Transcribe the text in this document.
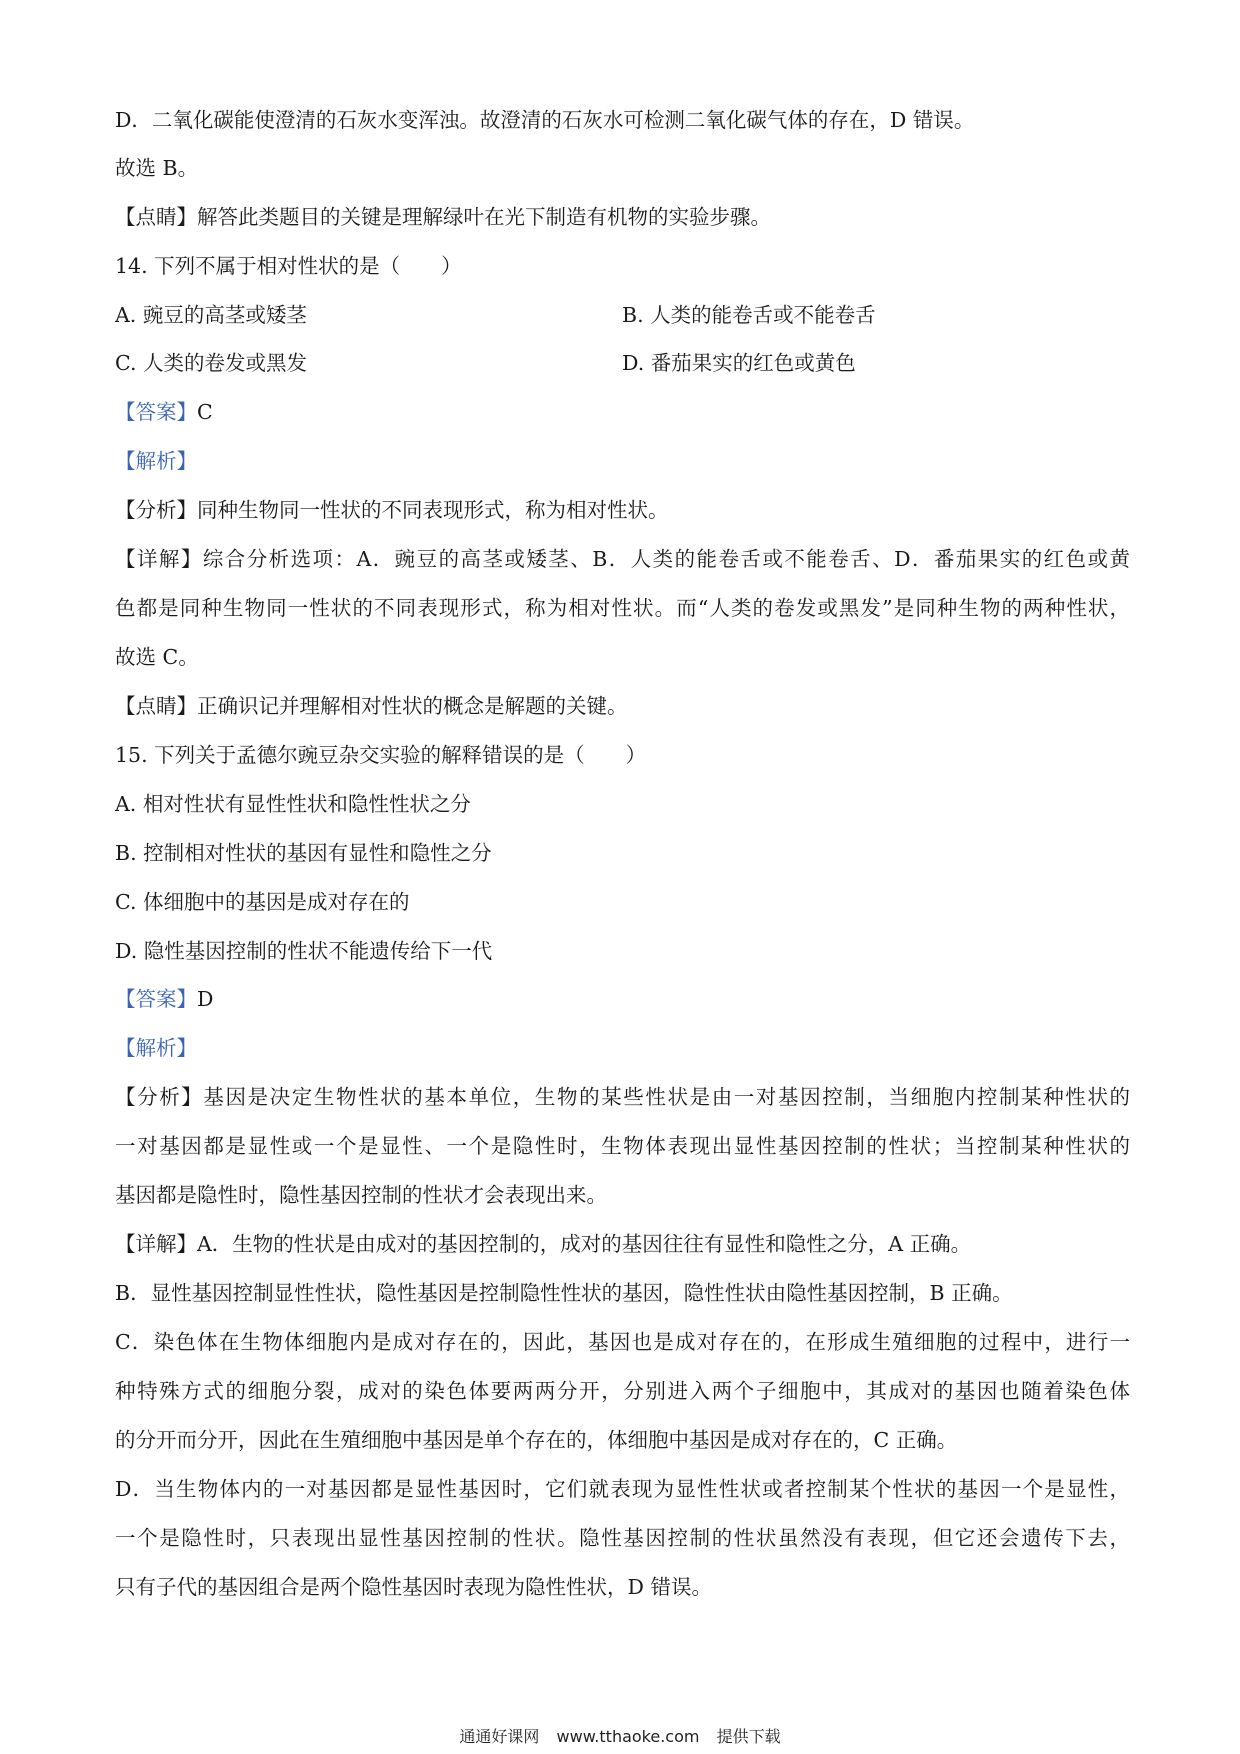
D．二氧化碳能使澄清的石灰水变浑浊。故澄清的石灰水可检测二氧化碳气体的存在，D 错误。
故选 B。
【点睛】解答此类题目的关键是理解绿叶在光下制造有机物的实验步骤。
14. 下列不属于相对性状的是（　　）
A. 豌豆的高茎或矮茎	B. 人类的能卷舌或不能卷舌
C. 人类的卷发或黑发	D. 番茄果实的红色或黄色
【答案】C
【解析】
【分析】同种生物同一性状的不同表现形式，称为相对性状。
【详解】综合分析选项：A．豌豆的高茎或矮茎、B．人类的能卷舌或不能卷舌、D．番茄果实的红色或黄
色都是同种生物同一性状的不同表现形式，称为相对性状。而“人类的卷发或黑发”是同种生物的两种性状，
故选 C。
【点睛】正确识记并理解相对性状的概念是解题的关键。
15. 下列关于孟德尔豌豆杂交实验的解释错误的是（　　）
A. 相对性状有显性性状和隐性性状之分
B. 控制相对性状的基因有显性和隐性之分
C. 体细胞中的基因是成对存在的
D. 隐性基因控制的性状不能遗传给下一代
【答案】D
【解析】
【分析】基因是决定生物性状的基本单位，生物的某些性状是由一对基因控制，当细胞内控制某种性状的
一对基因都是显性或一个是显性、一个是隐性时，生物体表现出显性基因控制的性状；当控制某种性状的
基因都是隐性时，隐性基因控制的性状才会表现出来。
【详解】A．生物的性状是由成对的基因控制的，成对的基因往往有显性和隐性之分，A 正确。
B．显性基因控制显性性状，隐性基因是控制隐性性状的基因，隐性性状由隐性基因控制，B 正确。
C．染色体在生物体细胞内是成对存在的，因此，基因也是成对存在的，在形成生殖细胞的过程中，进行一
种特殊方式的细胞分裂，成对的染色体要两两分开，分别进入两个子细胞中，其成对的基因也随着染色体
的分开而分开，因此在生殖细胞中基因是单个存在的，体细胞中基因是成对存在的，C 正确。
D．当生物体内的一对基因都是显性基因时，它们就表现为显性性状或者控制某个性状的基因一个是显性，
一个是隐性时，只表现出显性基因控制的性状。隐性基因控制的性状虽然没有表现，但它还会遗传下去，
只有子代的基因组合是两个隐性基因时表现为隐性性状，D 错误。
通通好课网 www.tthaoke.com 提供下载
